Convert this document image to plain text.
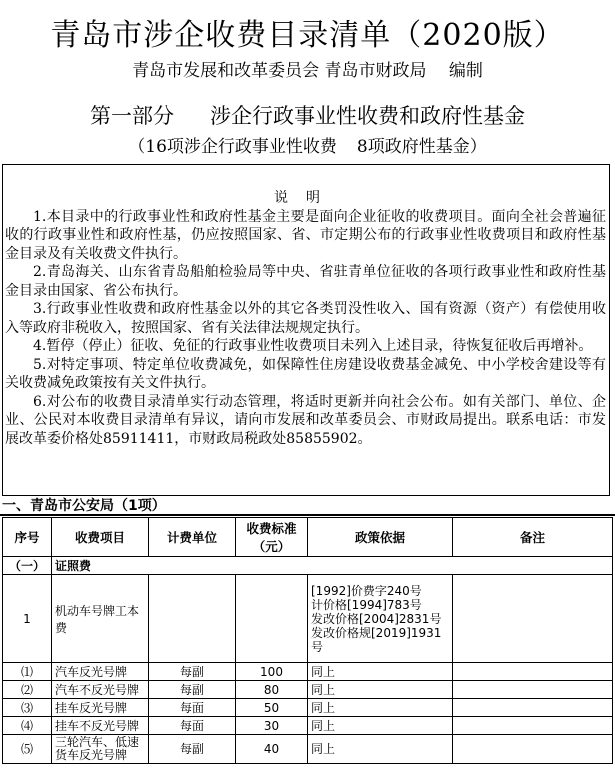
青岛市涉企收费目录清单（2020版）
青岛市发展和改革委员会 青岛市财政局　 编制
第一部分 涉企行政事业性收费和政府性基金
（16项涉企行政事业性收费 8项政府性基金）
说明

1.本目录中的行政事业性和政府性基金主要是面向企业征收的收费项目。面向全社会普遍征收的行政事业性和政府性基，仍应按照国家、省、市定期公布的行政事业性收费项目和政府性基金目录及有关收费文件执行。

2.青岛海关、山东省青岛船舶检验局等中央、省驻青单位征收的各项行政事业性和政府性基金目录由国家、省公布执行。

3.行政事业性收费和政府性基金以外的其它各类罚没性收入、国有资源（资产）有偿使用收入等政府非税收入，按照国家、省有关法律法规规定执行。

4.暂停（停止）征收、免征的行政事业性收费项目未列入上述目录，待恢复征收后再增补。

5.对特定事项、特定单位收费减免，如保障性住房建设收费基金减免、中小学校舍建设等有关收费减免政策按有关文件执行。

6.对公布的收费目录清单实行动态管理，将适时更新并向社会公布。如有关部门、单位、企业、公民对本收费目录清单有异议，请向市发展和改革委员会、市财政局提出。联系电话：市发展改革委价格处85911411，市财政局税政处85855902。

一、青岛市公安局（1项）
序号	收费项目	计费单位	收费标准（元）	政策依据	备注
（一）	证照费				
1	机动车号牌工本费			[1992]价费字240号
计价格[1994]783号
发改价格[2004]2831号
发改价格规[2019]1931号	

⑴	汽车反光号牌	每副	100	同上	
⑵	汽车不反光号牌	每副	80	同上	
⑶	挂车反光号牌	每面	50	同上	
⑷	挂车不反光号牌	每面	30	同上	
⑸	三轮汽车、低速货车反光号牌	每副	40	同上	
